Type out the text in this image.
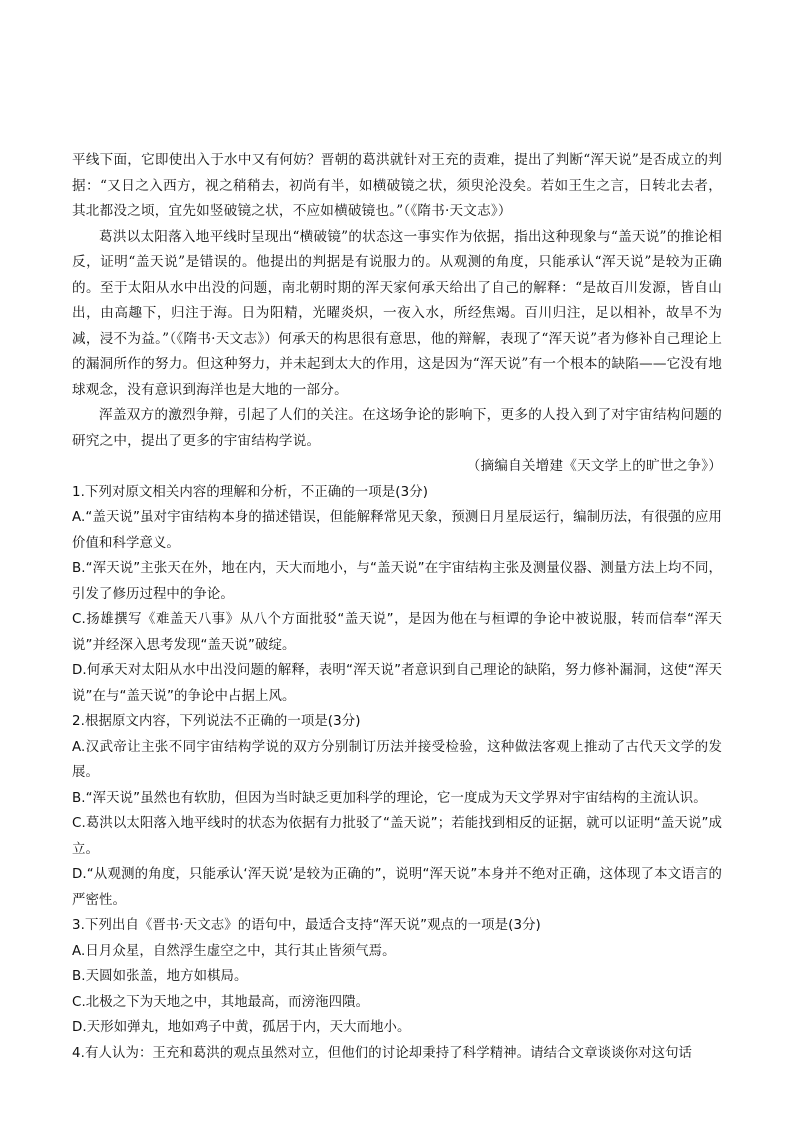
平线下面，它即使出入于水中又有何妨？晋朝的葛洪就针对王充的责难，提出了判断“浑天说”是否成立的判据：“又日之入西方，视之稍稍去，初尚有半，如横破镜之状，须臾沦没矣。若如王生之言，日转北去者，其北都没之顷，宜先如竖破镜之状，不应如横破镜也。”（《隋书·天文志》）

葛洪以太阳落入地平线时呈现出“横破镜”的状态这一事实作为依据，指出这种现象与“盖天说”的推论相反，证明“盖天说”是错误的。他提出的判据是有说服力的。从观测的角度，只能承认“浑天说”是较为正确的。至于太阳从水中出没的问题，南北朝时期的浑天家何承天给出了自己的解释：“是故百川发源，皆自山出，由高趣下，归注于海。日为阳精，光曜炎炽，一夜入水，所经焦竭。百川归注，足以相补，故旱不为减，浸不为益。”（《隋书·天文志》）何承天的构思很有意思，他的辩解，表现了“浑天说”者为修补自己理论上的漏洞所作的努力。但这种努力，并未起到太大的作用，这是因为“浑天说”有一个根本的缺陷——它没有地球观念，没有意识到海洋也是大地的一部分。

浑盖双方的激烈争辩，引起了人们的关注。在这场争论的影响下，更多的人投入到了对宇宙结构问题的研究之中，提出了更多的宇宙结构学说。

（摘编自关增建《天文学上的旷世之争》）

1.下列对原文相关内容的理解和分析，不正确的一项是(3分)

A.“盖天说”虽对宇宙结构本身的描述错误，但能解释常见天象，预测日月星辰运行，编制历法，有很强的应用价值和科学意义。

B.“浑天说”主张天在外，地在内，天大而地小，与“盖天说”在宇宙结构主张及测量仪器、测量方法上均不同，引发了修历过程中的争论。

C.扬雄撰写《难盖天八事》从八个方面批驳“盖天说”，是因为他在与桓谭的争论中被说服，转而信奉“浑天说”并经深入思考发现“盖天说”破绽。

D.何承天对太阳从水中出没问题的解释，表明“浑天说”者意识到自己理论的缺陷，努力修补漏洞，这使“浑天说”在与“盖天说”的争论中占据上风。

2.根据原文内容，下列说法不正确的一项是(3分)

A.汉武帝让主张不同宇宙结构学说的双方分别制订历法并接受检验，这种做法客观上推动了古代天文学的发展。

B.“浑天说”虽然也有软肋，但因为当时缺乏更加科学的理论，它一度成为天文学界对宇宙结构的主流认识。

C.葛洪以太阳落入地平线时的状态为依据有力批驳了“盖天说”；若能找到相反的证据，就可以证明“盖天说”成立。

D.“从观测的角度，只能承认‘浑天说’是较为正确的”，说明“浑天说”本身并不绝对正确，这体现了本文语言的严密性。

3.下列出自《晋书·天文志》的语句中，最适合支持“浑天说”观点的一项是(3分)

A.日月众星，自然浮生虚空之中，其行其止皆须气焉。

B.天圆如张盖，地方如棋局。

C.北极之下为天地之中，其地最高，而滂沲四隤。

D.天形如弹丸，地如鸡子中黄，孤居于内，天大而地小。

4.有人认为：王充和葛洪的观点虽然对立，但他们的讨论却秉持了科学精神。请结合文章谈谈你对这句话
